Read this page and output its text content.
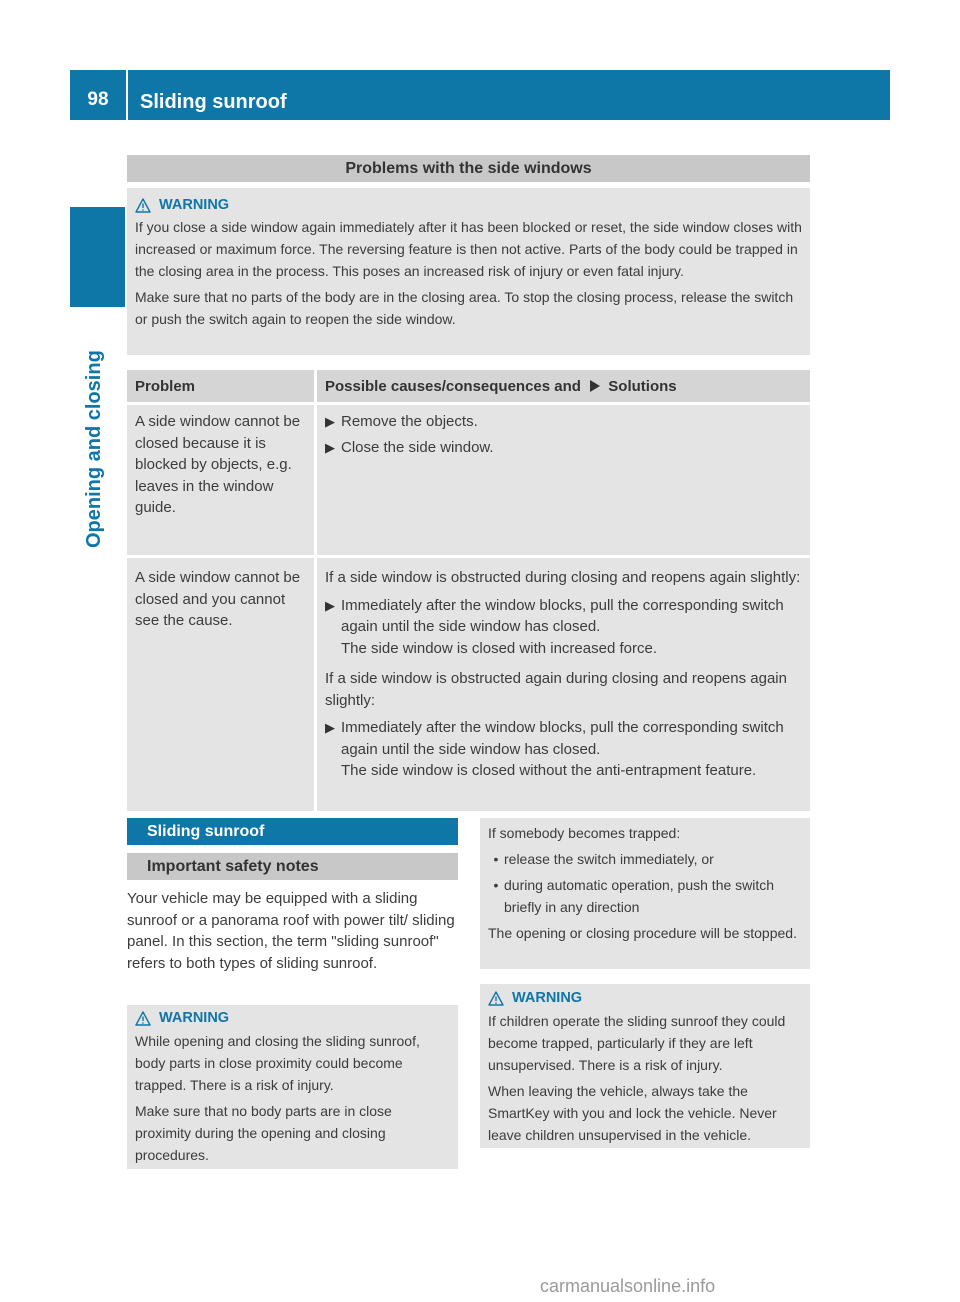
98	Sliding sunroof
Opening and closing
Problems with the side windows
WARNING

If you close a side window again immediately after it has been blocked or reset, the side window closes with increased or maximum force. The reversing feature is then not active. Parts of the body could be trapped in the closing area in the process. This poses an increased risk of injury or even fatal injury.

Make sure that no parts of the body are in the closing area. To stop the closing process, release the switch or push the switch again to reopen the side window.

Problem	Possible causes/consequences and Solutions
A side window cannot be closed because it is blocked by objects, e.g. leaves in the window guide.
▶ Remove the objects.
▶ Close the side window.
A side window cannot be closed and you cannot see the cause.
If a side window is obstructed during closing and reopens again slightly:
▶ Immediately after the window blocks, pull the corresponding switch again until the side window has closed.
The side window is closed with increased force.
If a side window is obstructed again during closing and reopens again slightly:
▶ Immediately after the window blocks, pull the corresponding switch again until the side window has closed.
The side window is closed without the anti-entrapment feature.
Sliding sunroof
Important safety notes

Your vehicle may be equipped with a sliding sunroof or a panorama roof with power tilt/ sliding panel. In this section, the term "sliding sunroof" refers to both types of sliding sunroof.

WARNING

While opening and closing the sliding sunroof, body parts in close proximity could become trapped. There is a risk of injury.

Make sure that no body parts are in close proximity during the opening and closing procedures.

If somebody becomes trapped:

• release the switch immediately, or
• during automatic operation, push the switch briefly in any direction

The opening or closing procedure will be stopped.

WARNING

If children operate the sliding sunroof they could become trapped, particularly if they are left unsupervised. There is a risk of injury.

When leaving the vehicle, always take the SmartKey with you and lock the vehicle. Never leave children unsupervised in the vehicle.

carmanualsonline.info
